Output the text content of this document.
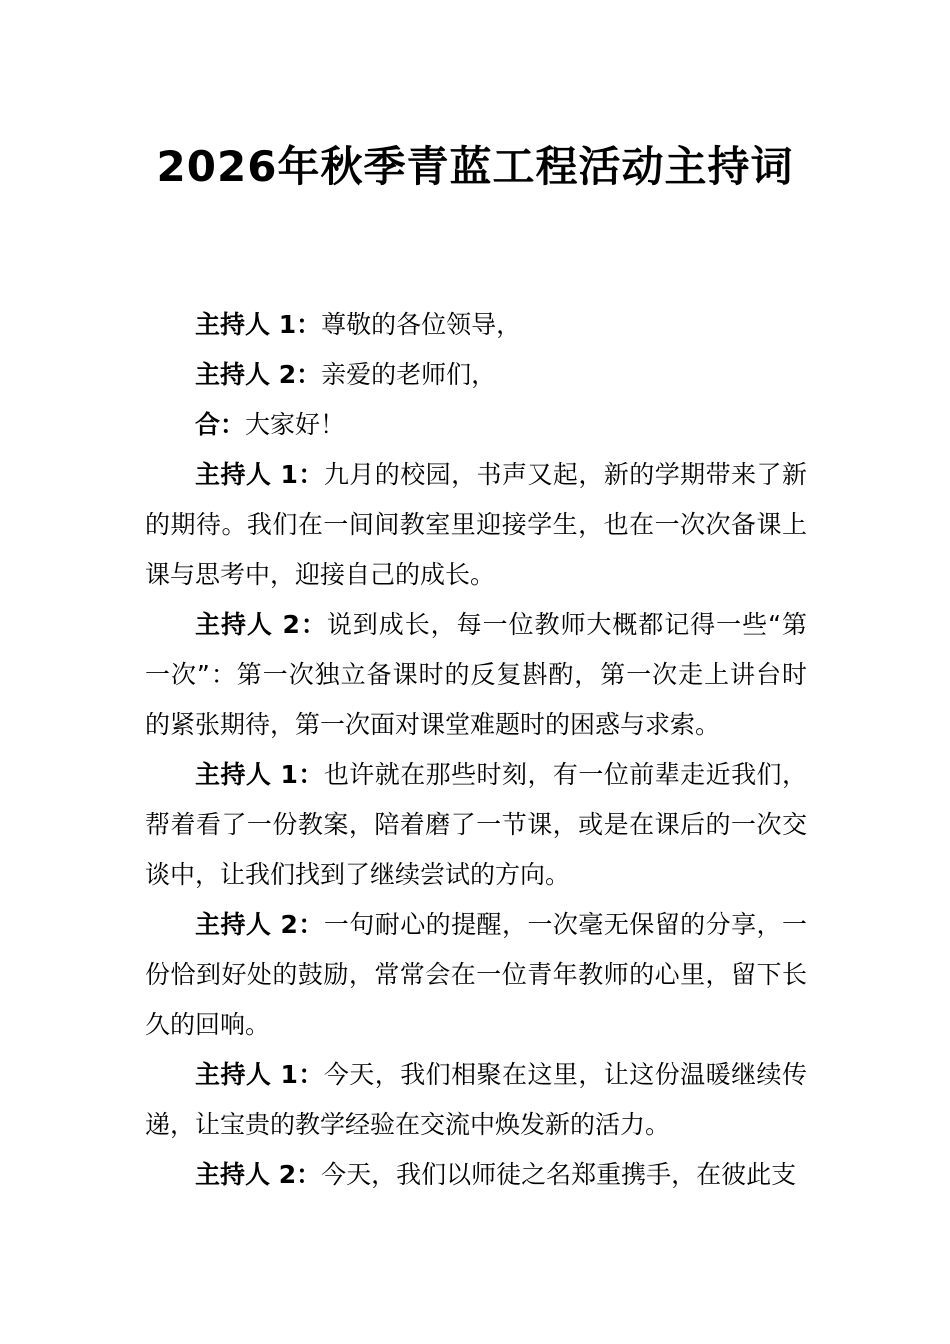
2026年秋季青蓝工程活动主持词

主持人 1：尊敬的各位领导，

主持人 2：亲爱的老师们，

合：大家好！

主持人 1：九月的校园，书声又起，新的学期带来了新的期待。我们在一间间教室里迎接学生，也在一次次备课上课与思考中，迎接自己的成长。

主持人 2：说到成长，每一位教师大概都记得一些“第一次”：第一次独立备课时的反复斟酌，第一次走上讲台时的紧张期待，第一次面对课堂难题时的困惑与求索。

主持人 1：也许就在那些时刻，有一位前辈走近我们，帮着看了一份教案，陪着磨了一节课，或是在课后的一次交谈中，让我们找到了继续尝试的方向。

主持人 2：一句耐心的提醒，一次毫无保留的分享，一份恰到好处的鼓励，常常会在一位青年教师的心里，留下长久的回响。

主持人 1：今天，我们相聚在这里，让这份温暖继续传递，让宝贵的教学经验在交流中焕发新的活力。

主持人 2：今天，我们以师徒之名郑重携手，在彼此支
